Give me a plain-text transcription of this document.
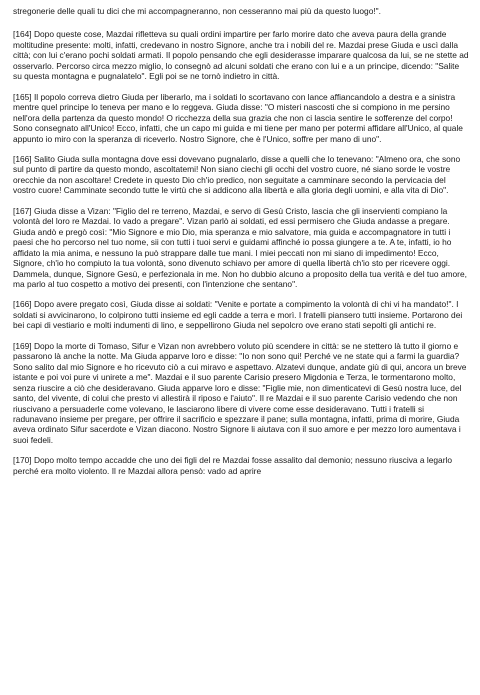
stregonerie delle quali tu dici che mi accompagneranno, non cesseranno mai più da questo luogo!".

[164] Dopo queste cose, Mazdai rifletteva su quali ordini impartire per farlo morire dato che aveva paura della grande moltitudine presente: molti, infatti, credevano in nostro Signore, anche tra i nobili del re. Mazdai prese Giuda e uscì dalla città; con lui c'erano pochi soldati armati. Il popolo pensando che egli desiderasse imparare qualcosa da lui, se ne stette ad osservarlo. Percorso circa mezzo miglio, lo consegnò ad alcuni soldati che erano con lui e a un principe, dicendo: "Salite su questa montagna e pugnalatelo". Egli poi se ne tornò indietro in città.

[165] Il popolo correva dietro Giuda per liberarlo, ma i soldati lo scortavano con lance affiancandolo a destra e a sinistra mentre quel principe lo teneva per mano e lo reggeva. Giuda disse: "O misteri nascosti che si compiono in me persino nell'ora della partenza da questo mondo! O ricchezza della sua grazia che non ci lascia sentire le sofferenze del corpo! Sono consegnato all'Unico! Ecco, infatti, che un capo mi guida e mi tiene per mano per potermi affidare all'Unico, al quale appunto io miro con la speranza di riceverlo. Nostro Signore, che è l'Unico, soffre per mano di uno".

[166] Salito Giuda sulla montagna dove essi dovevano pugnalarlo, disse a quelli che lo tenevano: "Almeno ora, che sono sul punto di partire da questo mondo, ascoltatemi! Non siano ciechi gli occhi del vostro cuore, né siano sorde le vostre orecchie da non ascoltare! Credete in questo Dio ch'io predico, non seguitate a camminare secondo la pervicacia del vostro cuore! Camminate secondo tutte le virtù che si addicono alla libertà e alla gloria degli uomini, e alla vita di Dio".

[167] Giuda disse a Vizan: "Figlio del re terreno, Mazdai, e servo di Gesù Cristo, lascia che gli inservienti compiano la volontà del loro re Mazdai. Io vado a pregare". Vizan parlò ai soldati, ed essi permisero che Giuda andasse a pregare. Giuda andò e pregò così: "Mio Signore e mio Dio, mia speranza e mio salvatore, mia guida e accompagnatore in tutti i paesi che ho percorso nel tuo nome, sii con tutti i tuoi servi e guidami affinché io possa giungere a te. A te, infatti, io ho affidato la mia anima, e nessuno la può strappare dalle tue mani. I miei peccati non mi siano di impedimento! Ecco, Signore, ch'io ho compiuto la tua volontà, sono divenuto schiavo per amore di quella libertà ch'io sto per ricevere oggi. Dammela, dunque, Signore Gesù, e perfezionala in me. Non ho dubbio alcuno a proposito della tua verità e del tuo amore, ma parlo al tuo cospetto a motivo dei presenti, con l'intenzione che sentano".

[166] Dopo avere pregato così, Giuda disse ai soldati: "Venite e portate a compimento la volontà di chi vi ha mandato!". I soldati si avvicinarono, lo colpirono tutti insieme ed egli cadde a terra e morì. I fratelli piansero tutti insieme. Portarono dei bei capi di vestiario e molti indumenti di lino, e seppellirono Giuda nel sepolcro ove erano stati sepolti gli antichi re.

[169] Dopo la morte di Tomaso, Sifur e Vizan non avrebbero voluto più scendere in città: se ne stettero là tutto il giorno e passarono là anche la notte. Ma Giuda apparve loro e disse: "Io non sono qui! Perché ve ne state qui a farmi la guardia? Sono salito dal mio Signore e ho ricevuto ciò a cui miravo e aspettavo. Alzatevi dunque, andate giù di qui, ancora un breve istante e poi voi pure vi unirete a me". Mazdai e il suo parente Carisio presero Migdonia e Terza, le tormentarono molto, senza riuscire a ciò che desideravano. Giuda apparve loro e disse: "Figlie mie, non dimenticatevi di Gesù nostra luce, del santo, del vivente, di colui che presto vi allestirà il riposo e l'aiuto". Il re Mazdai e il suo parente Carisio vedendo che non riuscivano a persuaderle come volevano, le lasciarono libere di vivere come esse desideravano. Tutti i fratelli si radunavano insieme per pregare, per offrire il sacrificio e spezzare il pane; sulla montagna, infatti, prima di morire, Giuda aveva ordinato Sifur sacerdote e Vizan diacono. Nostro Signore li aiutava con il suo amore e per mezzo loro aumentava i suoi fedeli.

[170] Dopo molto tempo accadde che uno dei figli del re Mazdai fosse assalito dal demonio; nessuno riusciva a legarlo perché era molto violento. Il re Mazdai allora pensò: vado ad aprire
